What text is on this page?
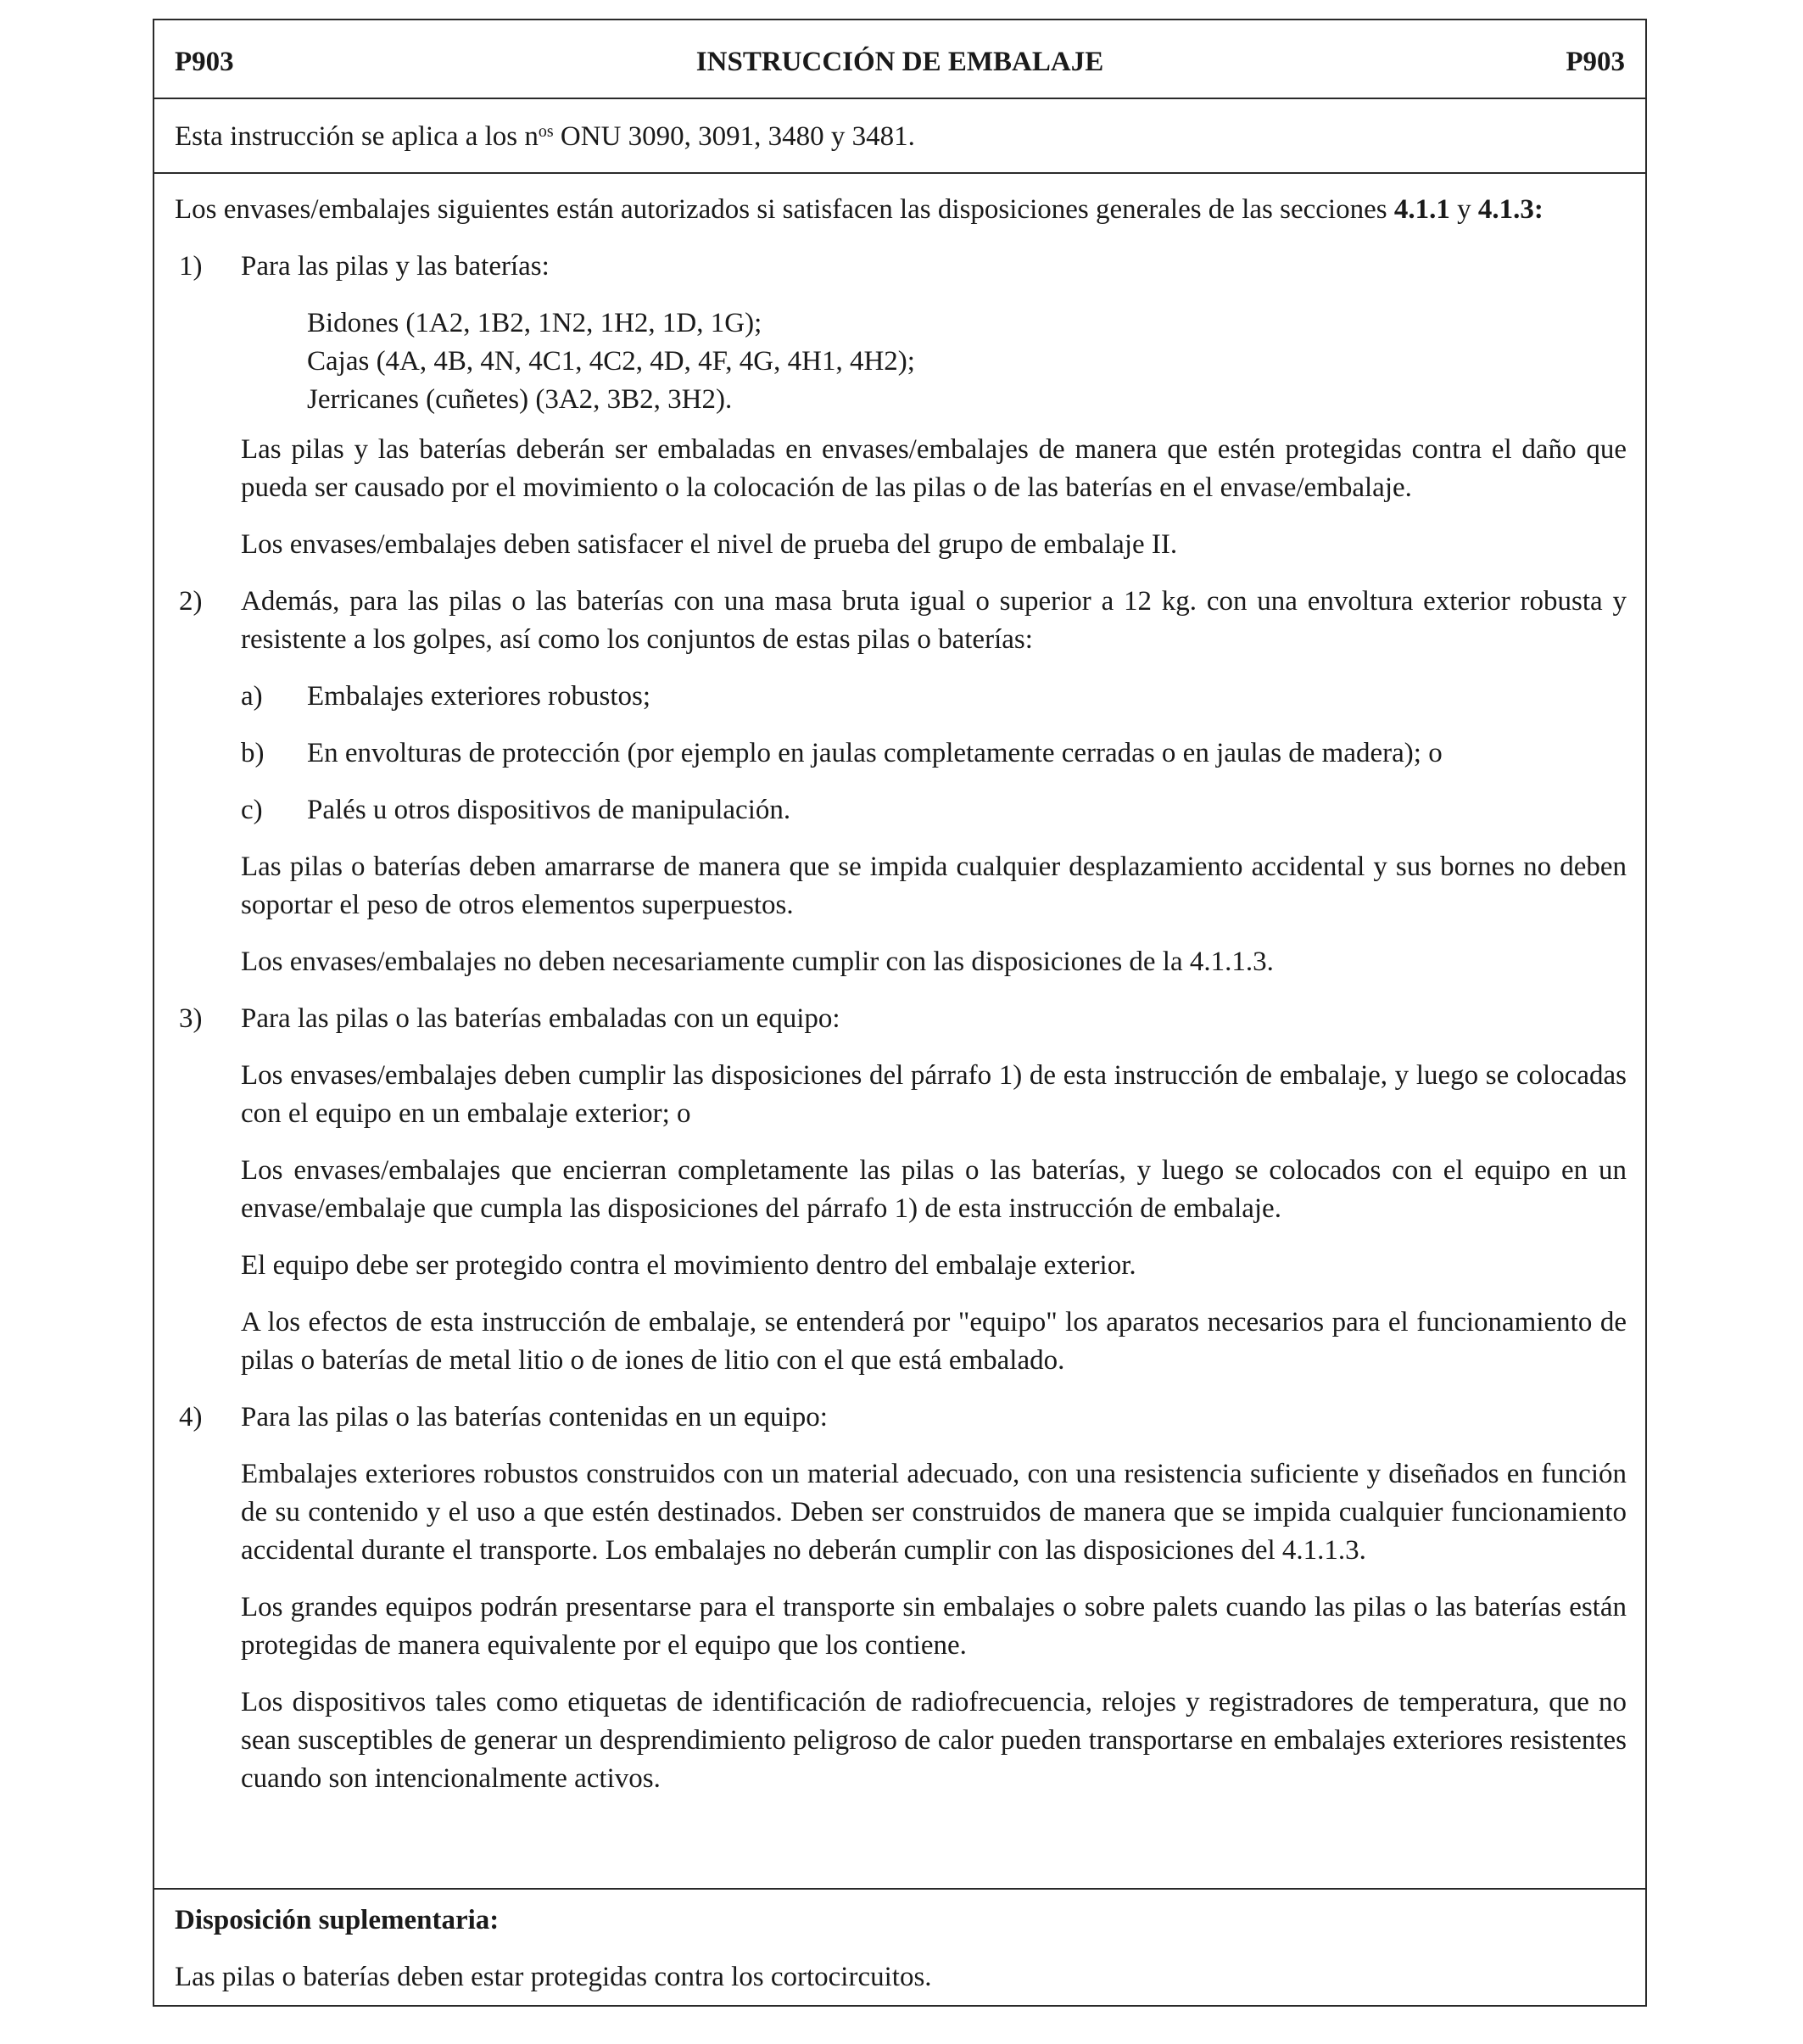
P903	INSTRUCCIÓN DE EMBALAJE	P903
Esta instrucción se aplica a los $n^{os}$ ONU 3090, 3091, 3480 y 3481.

Los envases/embalajes siguientes están autorizados si satisfacen las disposiciones generales de las secciones 4.1.1 y 4.1.3:

1) Para las pilas y las baterías:

Bidones (1A2, 1B2, 1N2, 1H2, 1D, 1G);
Cajas (4A, 4B, 4N, 4C1, 4C2, 4D, 4F, 4G, 4H1, 4H2);
Jerricanes (cuñetes) (3A2, 3B2, 3H2).

Las pilas y las baterías deberán ser embaladas en envases/embalajes de manera que estén protegidas contra el daño que pueda ser causado por el movimiento o la colocación de las pilas o de las baterías en el envase/embalaje.

Los envases/embalajes deben satisfacer el nivel de prueba del grupo de embalaje II.

2) Además, para las pilas o las baterías con una masa bruta igual o superior a 12 kg. con una envoltura exterior robusta y resistente a los golpes, así como los conjuntos de estas pilas o baterías:

a) Embalajes exteriores robustos;
b) En envolturas de protección (por ejemplo en jaulas completamente cerradas o en jaulas de madera); o
c) Palés u otros dispositivos de manipulación.

Las pilas o baterías deben amarrarse de manera que se impida cualquier desplazamiento accidental y sus bornes no deben soportar el peso de otros elementos superpuestos.

Los envases/embalajes no deben necesariamente cumplir con las disposiciones de la 4.1.1.3.

3) Para las pilas o las baterías embaladas con un equipo:

Los envases/embalajes deben cumplir las disposiciones del párrafo 1) de esta instrucción de embalaje, y luego se colocadas con el equipo en un embalaje exterior; o

Los envases/embalajes que encierran completamente las pilas o las baterías, y luego se colocados con el equipo en un envase/embalaje que cumpla las disposiciones del párrafo 1) de esta instrucción de embalaje.

El equipo debe ser protegido contra el movimiento dentro del embalaje exterior.

A los efectos de esta instrucción de embalaje, se entenderá por "equipo" los aparatos necesarios para el funcionamiento de pilas o baterías de metal litio o de iones de litio con el que está embalado.

4) Para las pilas o las baterías contenidas en un equipo:

Embalajes exteriores robustos construidos con un material adecuado, con una resistencia suficiente y diseñados en función de su contenido y el uso a que estén destinados. Deben ser construidos de manera que se impida cualquier funcionamiento accidental durante el transporte. Los embalajes no deberán cumplir con las disposiciones del 4.1.1.3.

Los grandes equipos podrán presentarse para el transporte sin embalajes o sobre palets cuando las pilas o las baterías están protegidas de manera equivalente por el equipo que los contiene.

Los dispositivos tales como etiquetas de identificación de radiofrecuencia, relojes y registradores de temperatura, que no sean susceptibles de generar un desprendimiento peligroso de calor pueden transportarse en embalajes exteriores resistentes cuando son intencionalmente activos.

Disposición suplementaria:

Las pilas o baterías deben estar protegidas contra los cortocircuitos.
